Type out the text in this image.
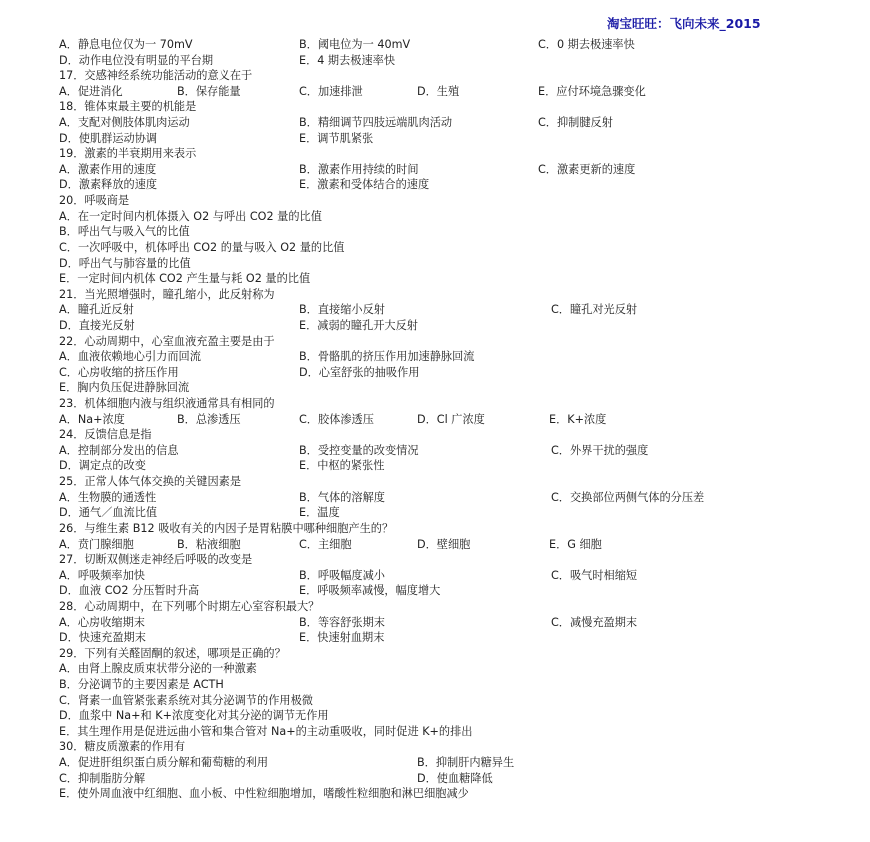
淘宝旺旺：飞向未来_2015
A．静息电位仅为一 70mV	B．阈电位为一 40mV	C．0 期去极速率快
D．动作电位没有明显的平台期	E．4 期去极速率快
17．交感神经系统功能活动的意义在于
A．促进消化	B．保存能量	C．加速排泄	D．生殖	E．应付环境急骤变化
18．锥体束最主要的机能是
A．支配对侧肢体肌肉运动	B．精细调节四肢远端肌肉活动	C．抑制腱反射
D．使肌群运动协调	E．调节肌紧张
19．激素的半衰期用来表示
A．激素作用的速度	B．激素作用持续的时间	C．激素更新的速度
D．激素释放的速度	E．激素和受体结合的速度
20．呼吸商是
A．在一定时间内机体摄入 O2 与呼出 CO2 量的比值
B．呼出气与吸入气的比值
C．一次呼吸中，机体呼出 CO2 的量与吸入 O2 量的比值
D．呼出气与肺容量的比值
E．一定时间内机体 CO2 产生量与耗 O2 量的比值
21．当光照增强时，瞳孔缩小，此反射称为
A．瞳孔近反射	B．直接缩小反射	C．瞳孔对光反射
D．直接光反射	E．减弱的瞳孔开大反射
22．心动周期中，心室血液充盈主要是由于
A．血液依赖地心引力而回流	B．骨骼肌的挤压作用加速静脉回流
C．心房收缩的挤压作用	D．心室舒张的抽吸作用
E．胸内负压促进静脉回流
23．机体细胞内液与组织液通常具有相同的
A．Na+浓度	B．总渗透压	C．胶体渗透压	D．Cl 广浓度	E．K+浓度
24．反馈信息是指
A．控制部分发出的信息	B．受控变量的改变情况	C．外界干扰的强度
D．调定点的改变	E．中枢的紧张性
25．正常人体气体交换的关键因素是
A．生物膜的通透性	B．气体的溶解度	C．交换部位两侧气体的分压差
D．通气／血流比值	E．温度
26．与维生素 B12 吸收有关的内因子是胃粘膜中哪种细胞产生的？
A．贲门腺细胞	B．粘液细胞	C．主细胞	D．壁细胞	E．G 细胞
27．切断双侧迷走神经后呼吸的改变是
A．呼吸频率加快	B．呼吸幅度减小	C．吸气时相缩短
D．血液 CO2 分压暂时升高	E．呼吸频率减慢，幅度增大
28．心动周期中，在下列哪个时期左心室容积最大？
A．心房收缩期末	B．等容舒张期末	C．减慢充盈期末
D．快速充盈期末	E．快速射血期末
29．下列有关醛固酮的叙述，哪项是正确的？
A．由肾上腺皮质束状带分泌的一种激素
B．分泌调节的主要因素是 ACTH
C．肾素一血管紧张素系统对其分泌调节的作用极微
D．血浆中 Na+和 K+浓度变化对其分泌的调节无作用
E．其生理作用是促进远曲小管和集合管对 Na+的主动重吸收，同时促进 K+的排出
30．糖皮质激素的作用有
A．促进肝组织蛋白质分解和葡萄糖的利用	B．抑制肝内糖异生
C．抑制脂肪分解	D．使血糖降低
E．使外周血液中红细胞、血小板、中性粒细胞增加，嗜酸性粒细胞和淋巴细胞减少
